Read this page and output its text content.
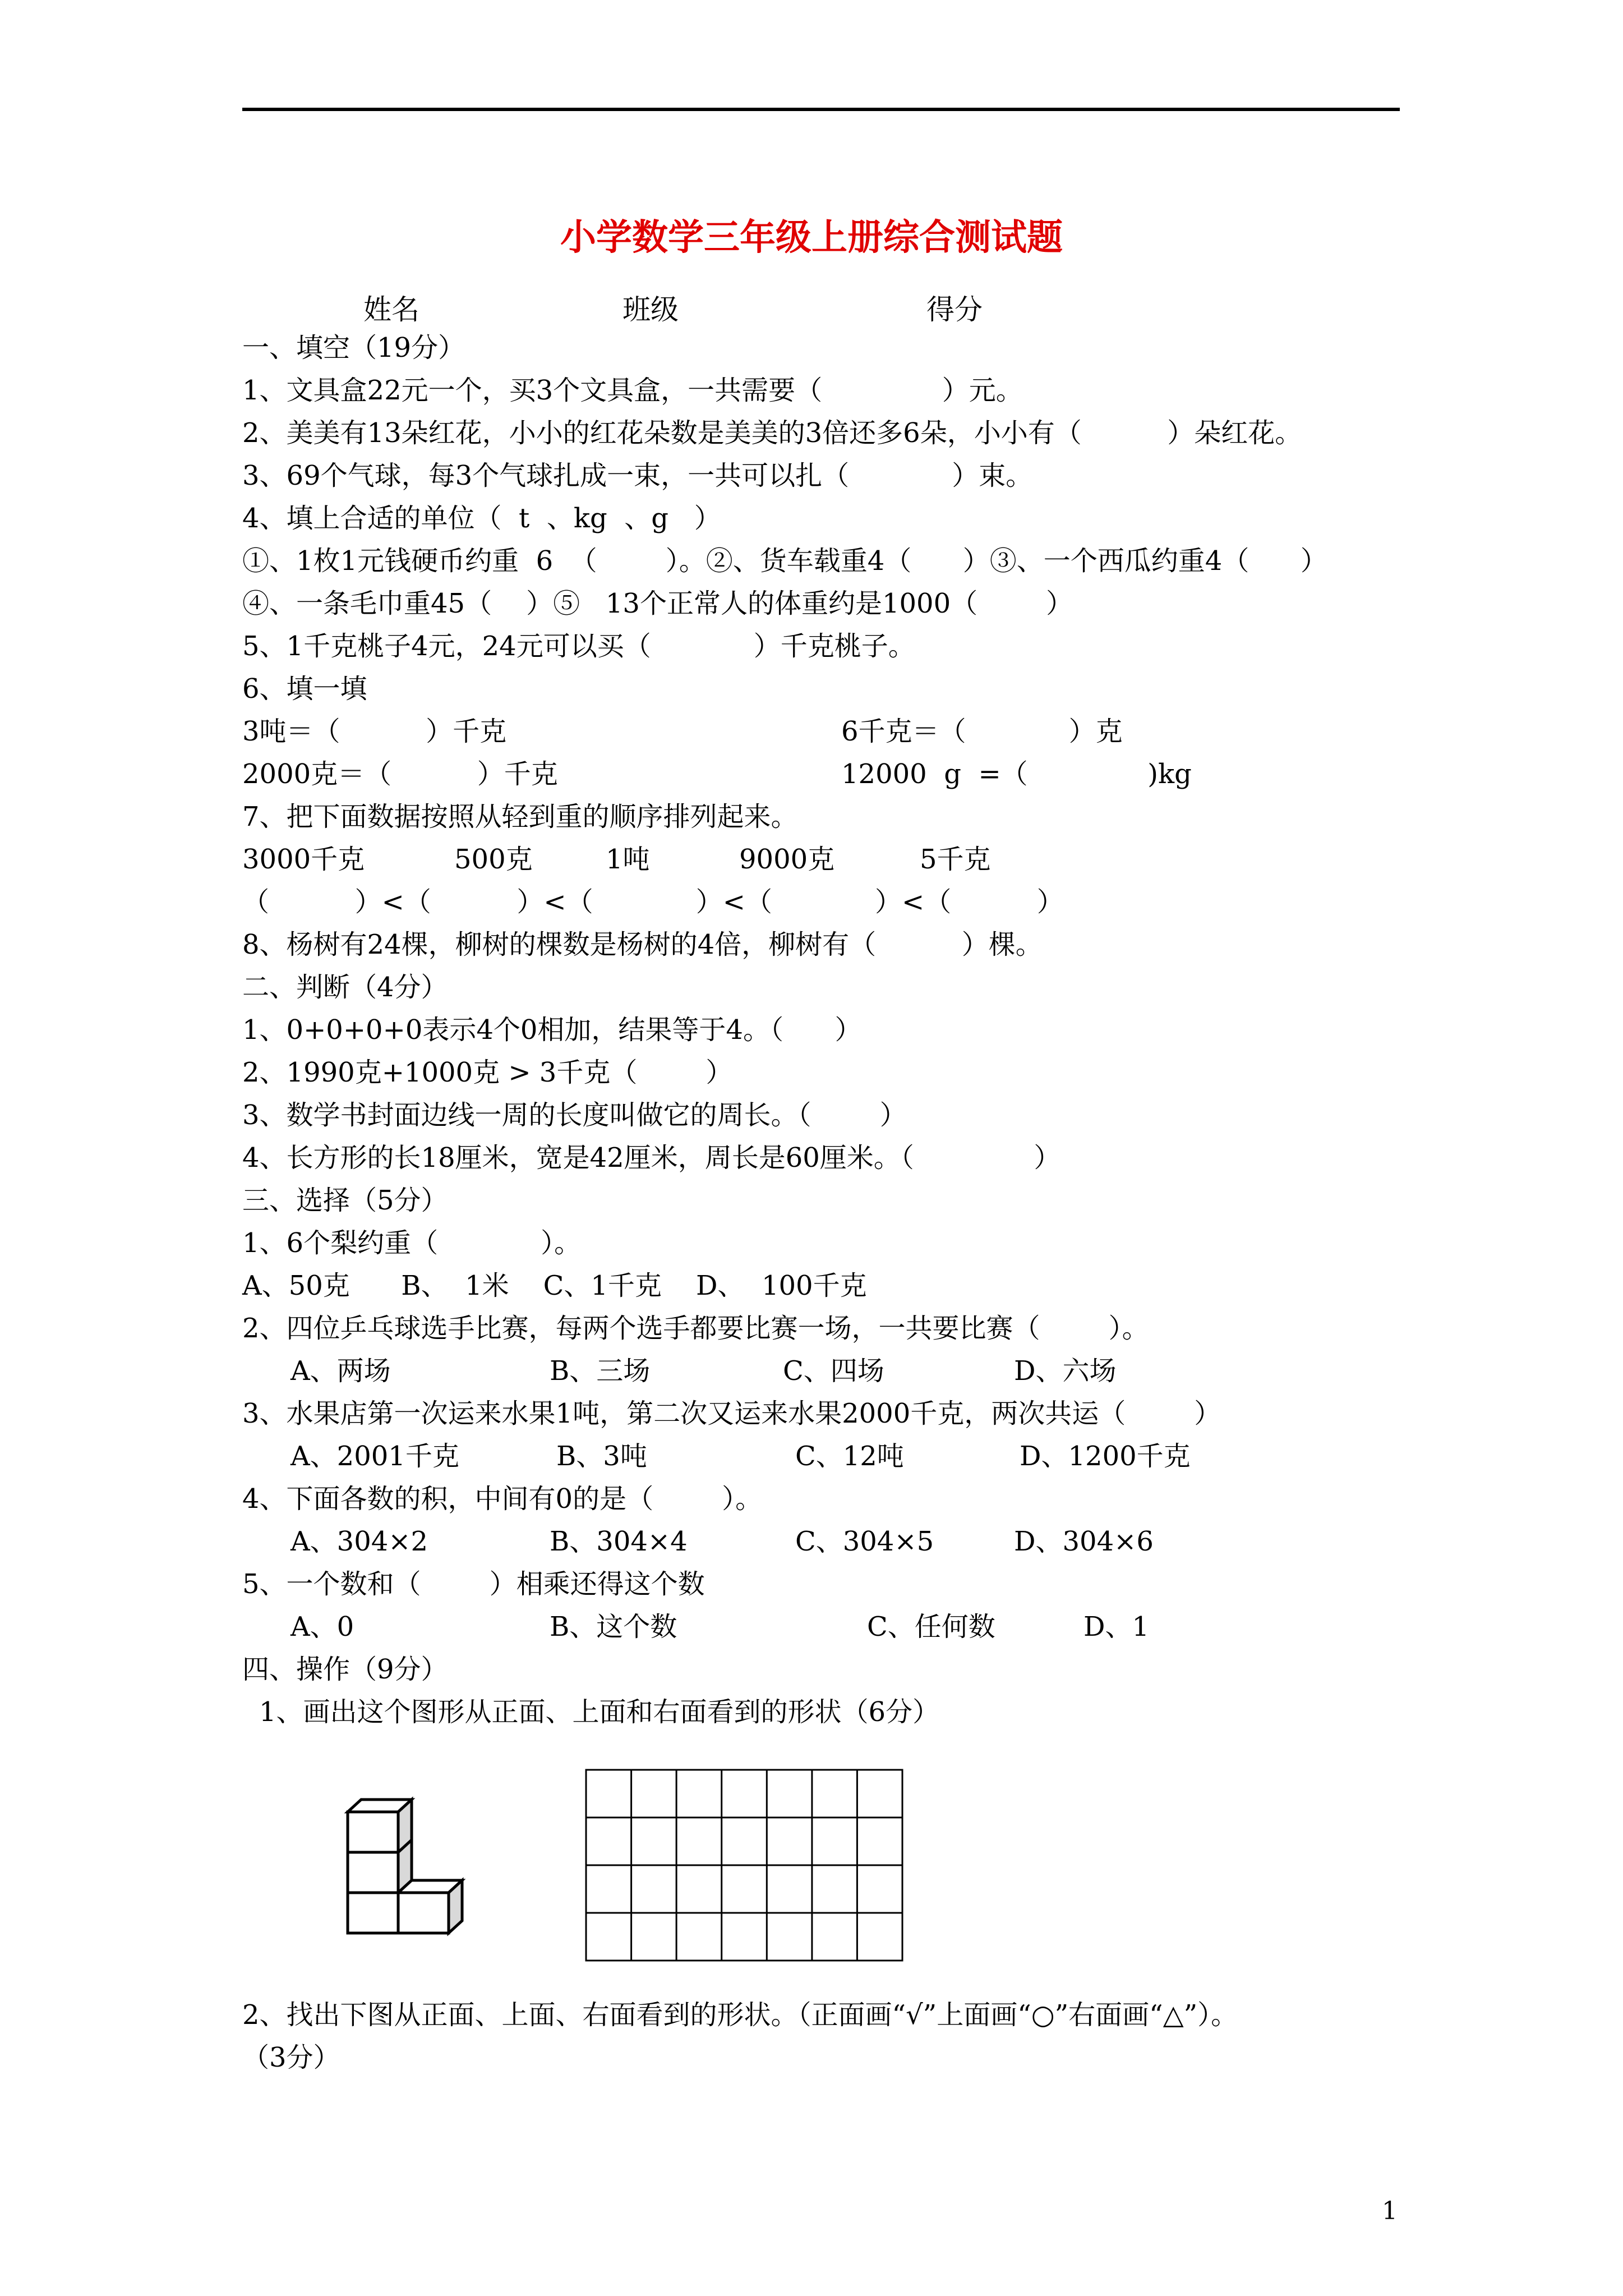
小学数学三年级上册综合测试题
姓名	班级	得分
一、填空（19分）
1、文具盒22元一个，买3个文具盒，一共需要（              ）元。
2、美美有13朵红花，小小的红花朵数是美美的3倍还多6朵，小小有（          ）朵红花。
3、69个气球，每3个气球扎成一束，一共可以扎（            ）束。
4、填上合适的单位（  t  、kg  、g   ）
①、1枚1元钱硬币约重  6  （        ）。②、货车载重4（      ）③、一个西瓜约重4（      ）
④、一条毛巾重45（    ）⑤   13个正常人的体重约是1000（        ）
5、1千克桃子4元，24元可以买（            ）千克桃子。
6、填一填
3吨＝（          ）千克	6千克＝（            ）克
2000克＝（          ）千克	12000  g  =（              )kg
7、把下面数据按照从轻到重的顺序排列起来。
3000千克	500克	1吨	9000克	5千克
（          ）<（          ）<（            ）<（            ）<（          ）
8、杨树有24棵，柳树的棵数是杨树的4倍，柳树有（          ）棵。
二、判断（4分）
1、0+0+0+0表示4个0相加，结果等于4。（      ）
2、1990克+1000克 > 3千克（        ）
3、数学书封面边线一周的长度叫做它的周长。（        ）
4、长方形的长18厘米，宽是42厘米，周长是60厘米。（              ）
三、选择（5分）
1、6个梨约重（            ）。
A、50克      B、  1米    C、1千克    D、  100千克
2、四位乒乓球选手比赛，每两个选手都要比赛一场，一共要比赛（        ）。
A、两场	B、三场	C、四场	D、六场
3、水果店第一次运来水果1吨，第二次又运来水果2000千克，两次共运（        ）
A、2001千克	B、3吨	C、12吨	D、1200千克
4、下面各数的积，中间有0的是（        ）。
A、304×2	B、304×4	C、304×5	D、304×6
5、一个数和（        ）相乘还得这个数
A、0	B、这个数	C、任何数	D、1
四、操作（9分）
1、画出这个图形从正面、上面和右面看到的形状（6分）
2、找出下图从正面、上面、右面看到的形状。（正面画“√”上面画“○”右面画“△”）。
（3分）
1
